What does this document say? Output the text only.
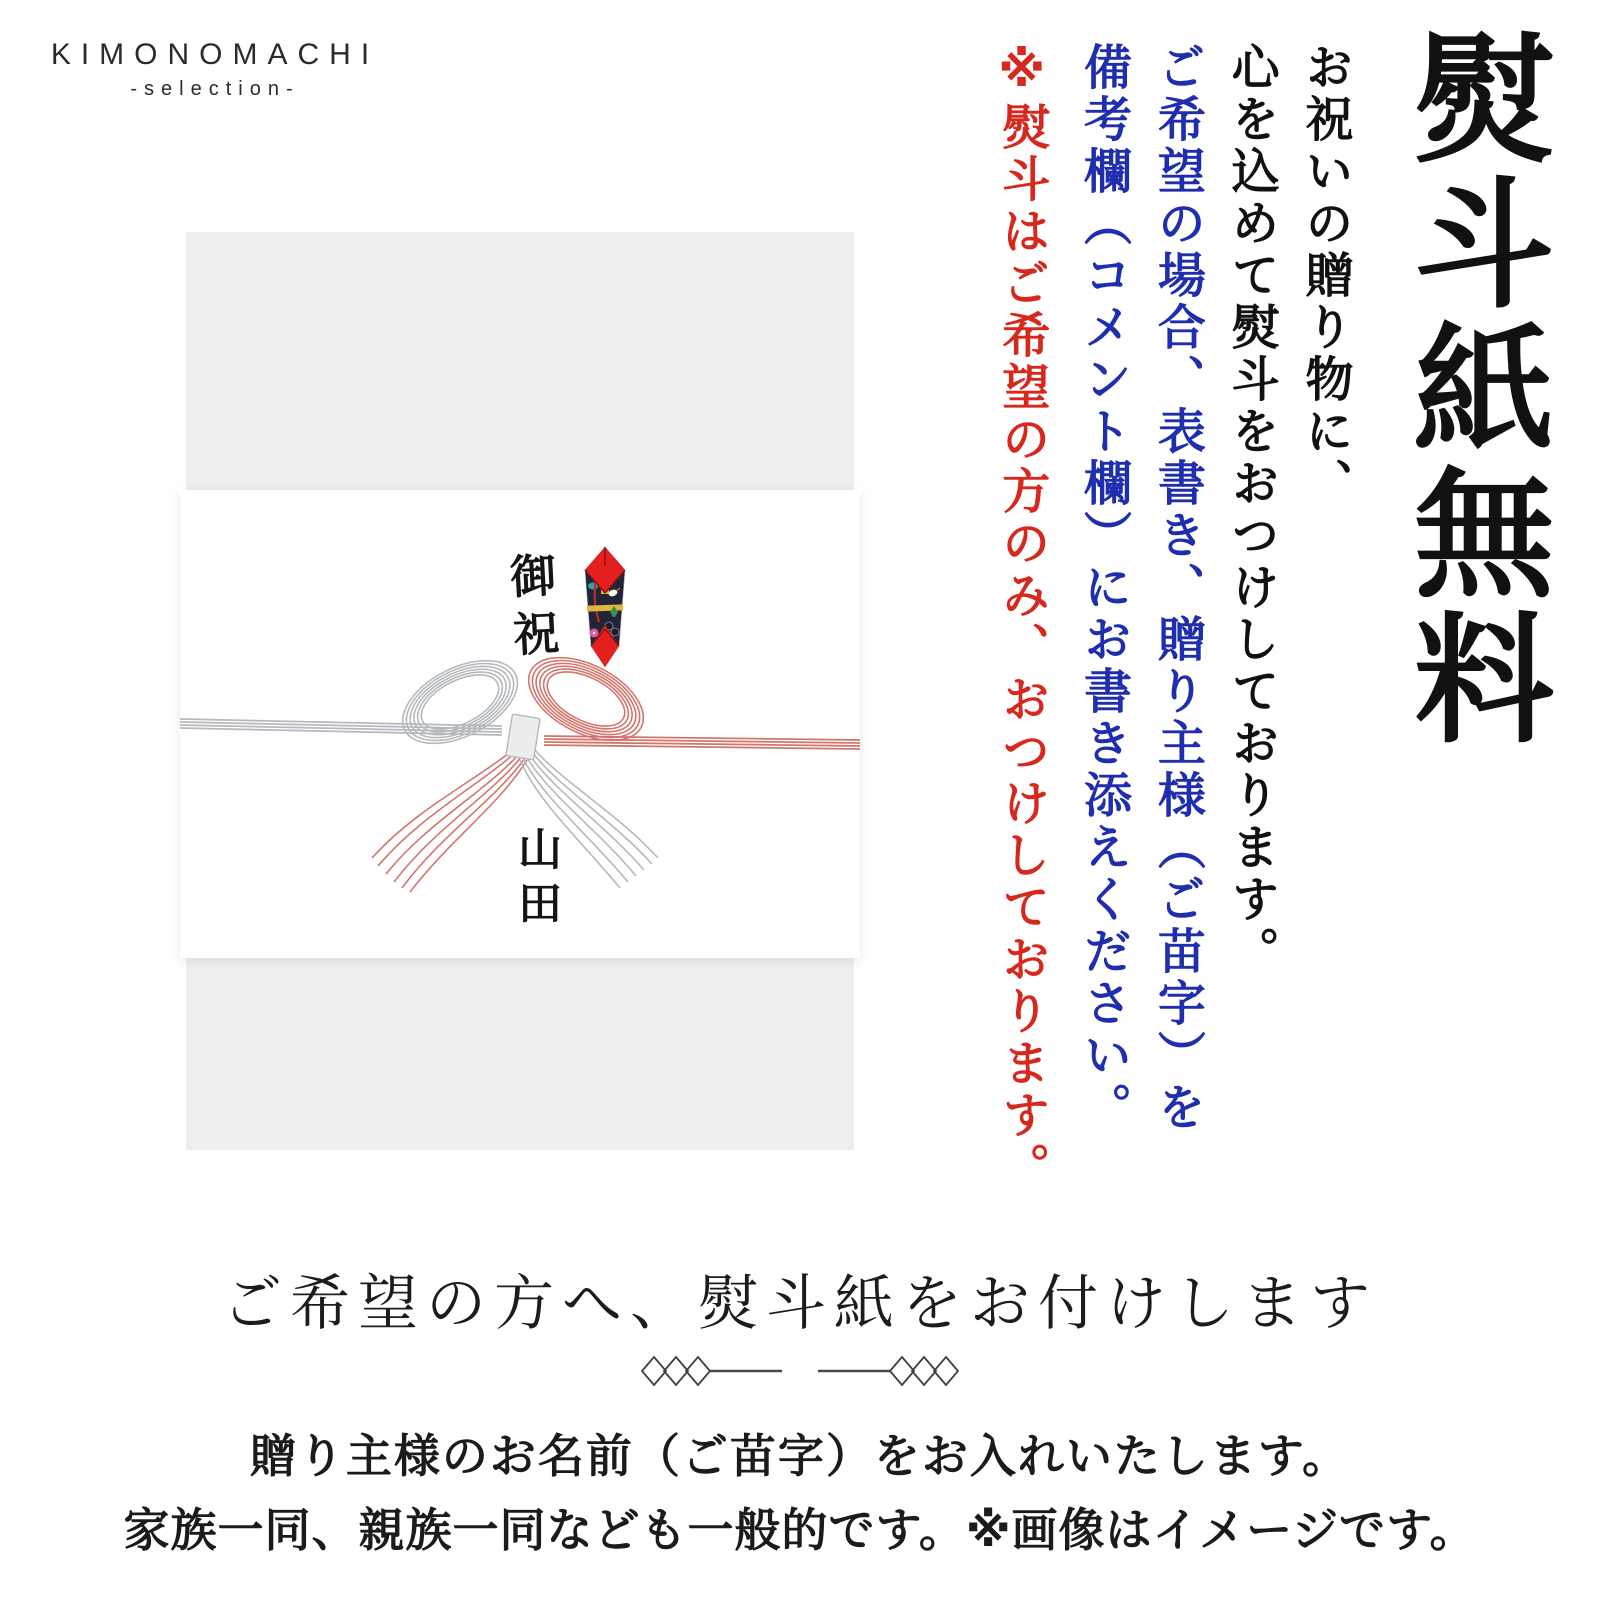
KIMONOMACHI
-selection-	熨斗紙無料

お祝いの贈り物に、

心を込めて熨斗をおつけしております。

ご希望の場合、表書き、贈り主様（ご苗字）を

備考欄（コメント欄）にお書き添えください。

※熨斗はご希望の方のみ、おつけしております。

御祝
山田
ご希望の方へ、熨斗紙をお付けします

贈り主様のお名前（ご苗字）をお入れいたします。

家族一同、親族一同なども一般的です。※画像はイメージです。
